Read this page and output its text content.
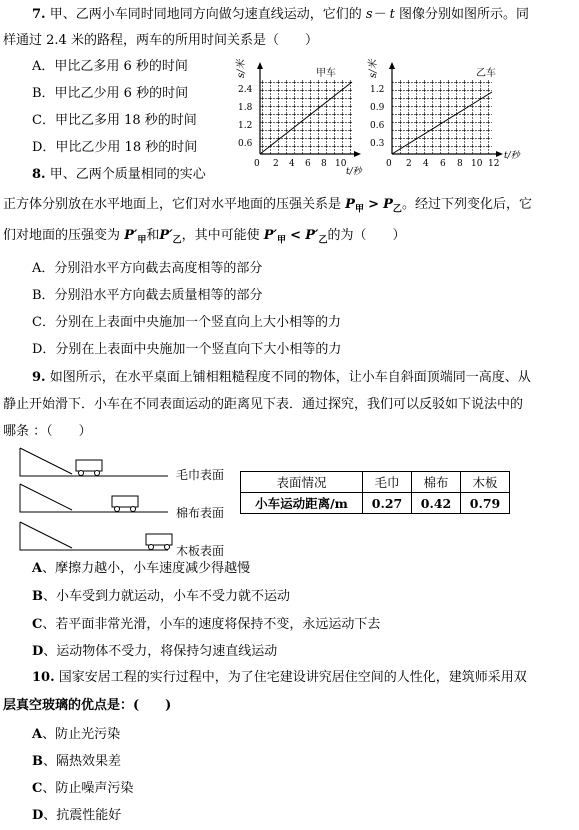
7. 甲、乙两小车同时同地同方向做匀速直线运动，它们的 s－ t 图像分别如图所示。同
样通过 2.4 米的路程，两车的所用时间关系是（　　）
A．甲比乙多用 6 秒的时间
B．甲比乙少用 6 秒的时间
C．甲比乙多用 18 秒的时间
D．甲比乙少用 18 秒的时间
甲车
s/米
2.4
1.8
1.2
0.6
0 2 4 6 8 10
t/秒
乙车
s/米
1.2
0.9
0.6
0.3
0 2 4 6 8 10 12
t/秒
8. 甲、乙两个质量相同的实心
正方体分别放在水平地面上，它们对水平地面的压强关系是 $P_甲 > P_乙$。经过下列变化后，它
们对地面的压强变为 $P'_甲$和$P'_乙$，其中可能使 $P'_甲 < P'_乙$的为（　　）
A．分别沿水平方向截去高度相等的部分
B．分别沿水平方向截去质量相等的部分
C．分别在上表面中央施加一个竖直向上大小相等的力
D．分别在上表面中央施加一个竖直向下大小相等的力
9. 如图所示，在水平桌面上铺相粗糙程度不同的物体，让小车自斜面顶端同一高度、从
静止开始滑下．小车在不同表面运动的距离见下表．通过探究，我们可以反驳如下说法中的
哪条 ：（　　）
毛巾表面
棉布表面
木板表面
表面情况	毛巾	棉布	木板
小车运动距离/m	0.27	0.42	0.79
A、摩擦力越小，小车速度减少得越慢
B、小车受到力就运动，小车不受力就不运动
C、若平面非常光滑，小车的速度将保持不变，永远运动下去
D、运动物体不受力，将保持匀速直线运动
10. 国家安居工程的实行过程中，为了住宅建设讲究居住空间的人性化，建筑师采用双
层真空玻璃的优点是：(　　)
A、防止光污染
B、隔热效果差
C、防止噪声污染
D、抗震性能好
